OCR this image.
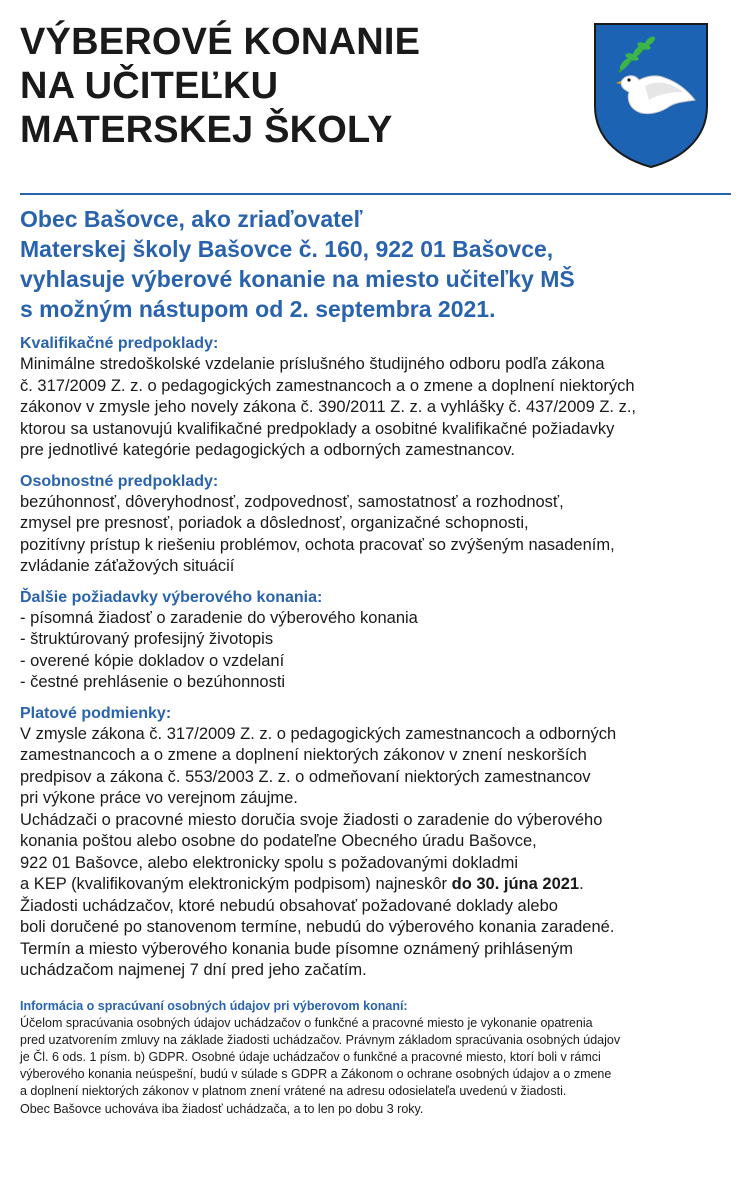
VÝBEROVÉ KONANIE
NA UČITEĽKU
MATERSKEJ ŠKOLY
Obec Bašovce, ako zriaďovateľ
Materskej školy Bašovce č. 160, 922 01 Bašovce,
vyhlasuje výberové konanie na miesto učiteľky MŠ
s možným nástupom od 2. septembra 2021.
Kvalifikačné predpoklady:
Minimálne stredoškolské vzdelanie príslušného študijného odboru podľa zákona
č. 317/2009 Z. z. o pedagogických zamestnancoch a o zmene a doplnení niektorých
zákonov v zmysle jeho novely zákona č. 390/2011 Z. z. a vyhlášky č. 437/2009 Z. z.,
ktorou sa ustanovujú kvalifikačné predpoklady a osobitné kvalifikačné požiadavky
pre jednotlivé kategórie pedagogických a odborných zamestnancov.
Osobnostné predpoklady:
bezúhonnosť, dôveryhodnosť, zodpovednosť, samostatnosť a rozhodnosť,
zmysel pre presnosť, poriadok a dôslednosť, organizačné schopnosti,
pozitívny prístup k riešeniu problémov, ochota pracovať so zvýšeným nasadením,
zvládanie záťažových situácií
Ďalšie požiadavky výberového konania:
- písomná žiadosť o zaradenie do výberového konania
- štruktúrovaný profesijný životopis
- overené kópie dokladov o vzdelaní
- čestné prehlásenie o bezúhonnosti
Platové podmienky:
V zmysle zákona č. 317/2009 Z. z. o pedagogických zamestnancoch a odborných
zamestnancoch a o zmene a doplnení niektorých zákonov v znení neskorších
predpisov a zákona č. 553/2003 Z. z. o odmeňovaní niektorých zamestnancov
pri výkone práce vo verejnom záujme.
Uchádzači o pracovné miesto doručia svoje žiadosti o zaradenie do výberového
konania poštou alebo osobne do podateľne Obecného úradu Bašovce,
922 01 Bašovce, alebo elektronicky spolu s požadovanými dokladmi
a KEP (kvalifikovaným elektronickým podpisom) najneskôr do 30. júna 2021.
Žiadosti uchádzačov, ktoré nebudú obsahovať požadované doklady alebo
boli doručené po stanovenom termíne, nebudú do výberového konania zaradené.
Termín a miesto výberového konania bude písomne oznámený prihláseným
uchádzačom najmenej 7 dní pred jeho začatím.
Informácia o spracúvaní osobných údajov pri výberovom konaní:
Účelom spracúvania osobných údajov uchádzačov o funkčné a pracovné miesto je vykonanie opatrenia
pred uzatvorením zmluvy na základe žiadosti uchádzačov. Právnym základom spracúvania osobných údajov
je Čl. 6 ods. 1 písm. b) GDPR. Osobné údaje uchádzačov o funkčné a pracovné miesto, ktorí boli v rámci
výberového konania neúspešní, budú v súlade s GDPR a Zákonom o ochrane osobných údajov a o zmene
a doplnení niektorých zákonov v platnom znení vrátené na adresu odosielateľa uvedenú v žiadosti.
Obec Bašovce uchováva iba žiadosť uchádzača, a to len po dobu 3 roky.
